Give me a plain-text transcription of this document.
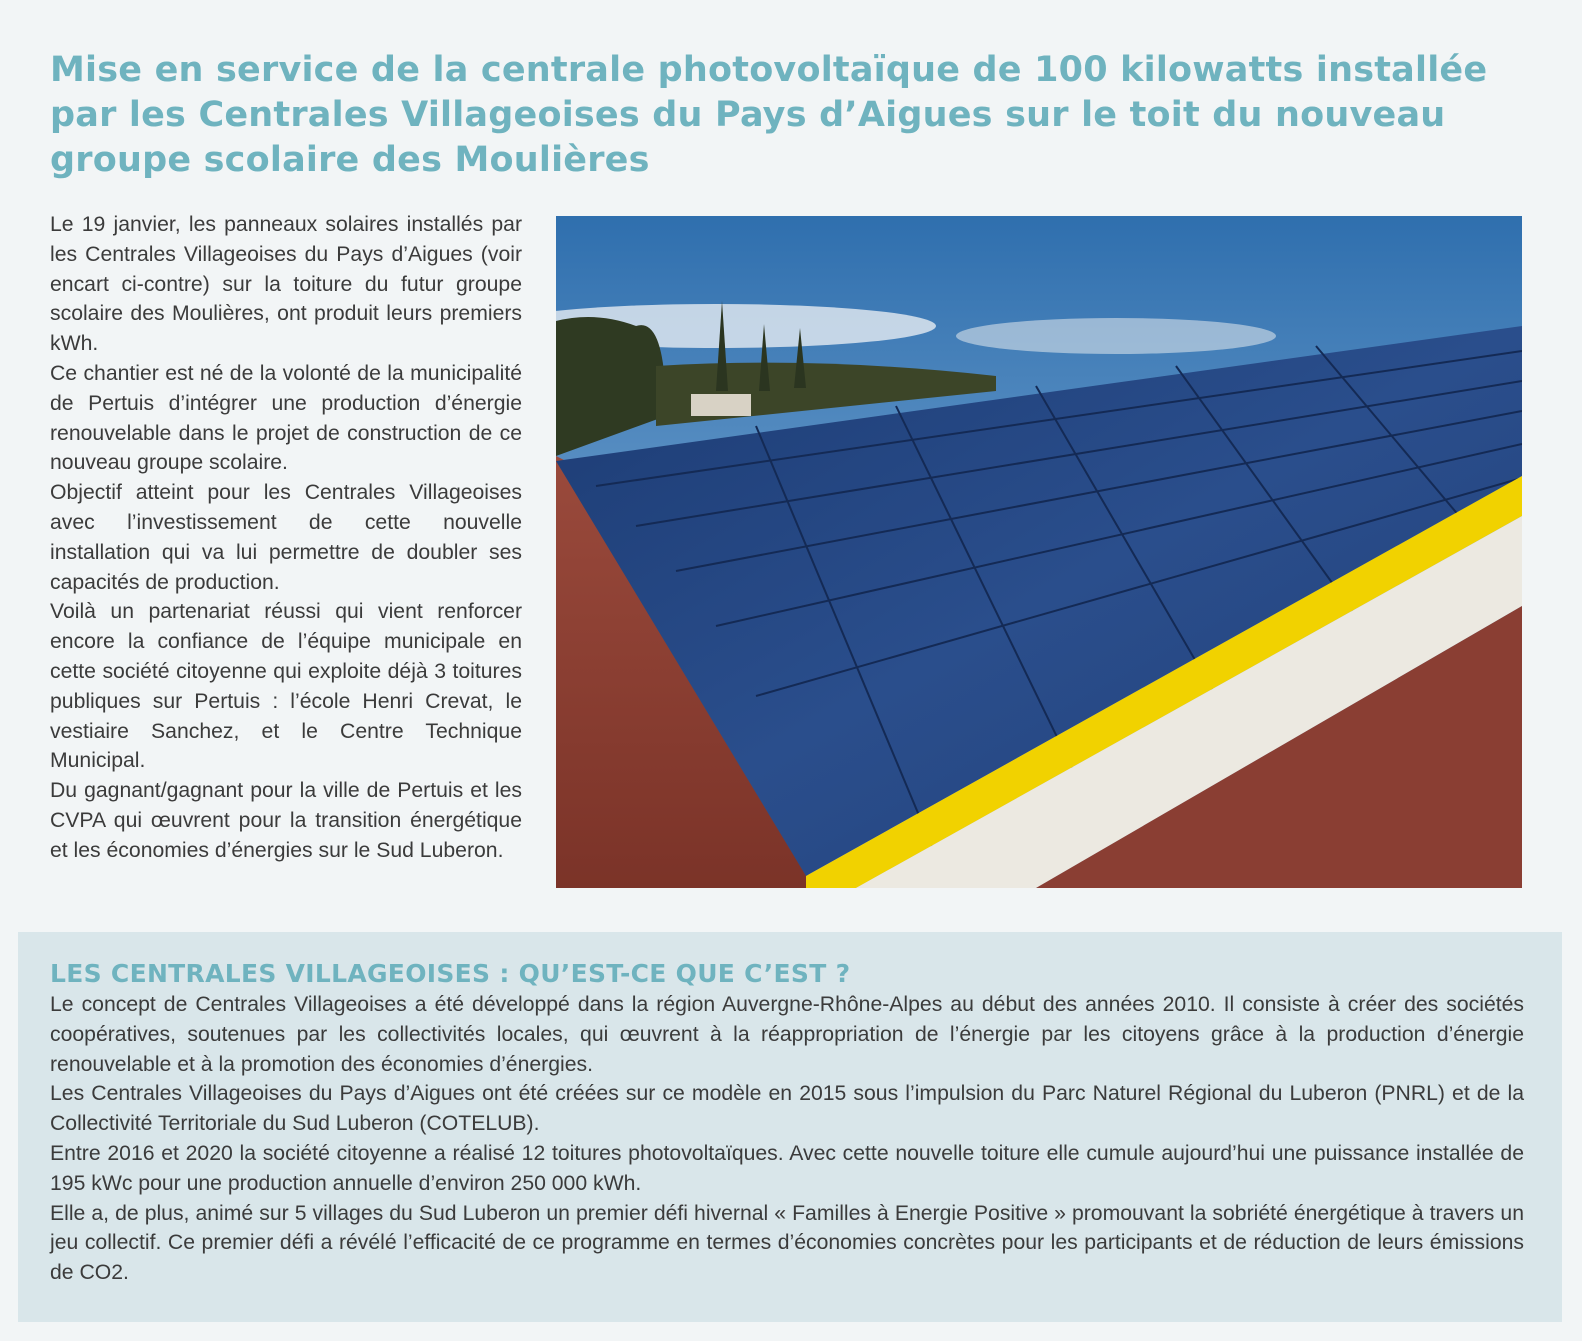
Mise en service de la centrale photovoltaïque de 100 kilowatts installée par les Centrales Villageoises du Pays d’Aigues sur le toit du nouveau groupe scolaire des Moulières

Le 19 janvier, les panneaux solaires installés par les Centrales Villageoises du Pays d’Aigues (voir encart ci-contre) sur la toiture du futur groupe scolaire des Moulières, ont produit leurs premiers kWh.

Ce chantier est né de la volonté de la municipalité de Pertuis d’intégrer une production d’énergie renouvelable dans le projet de construction de ce nouveau groupe scolaire.

Objectif atteint pour les Centrales Villageoises avec l’investissement de cette nouvelle installation qui va lui permettre de doubler ses capacités de production.

Voilà un partenariat réussi qui vient renforcer encore la confiance de l’équipe municipale en cette société citoyenne qui exploite déjà 3 toitures publiques sur Pertuis : l’école Henri Crevat, le vestiaire Sanchez, et le Centre Technique Municipal.

Du gagnant/gagnant pour la ville de Pertuis et les CVPA qui œuvrent pour la transition énergétique et les économies d’énergies sur le Sud Luberon.

LES CENTRALES VILLAGEOISES : QU’EST-CE QUE C’EST ?

Le concept de Centrales Villageoises a été développé dans la région Auvergne-Rhône-Alpes au début des années 2010. Il consiste à créer des sociétés coopératives, soutenues par les collectivités locales, qui œuvrent à la réappropriation de l’énergie par les citoyens grâce à la production d’énergie renouvelable et à la promotion des économies d’énergies.

Les Centrales Villageoises du Pays d’Aigues ont été créées sur ce modèle en 2015 sous l’impulsion du Parc Naturel Régional du Luberon (PNRL) et de la Collectivité Territoriale du Sud Luberon (COTELUB).

Entre 2016 et 2020 la société citoyenne a réalisé 12 toitures photovoltaïques. Avec cette nouvelle toiture elle cumule aujourd’hui une puissance installée de 195 kWc pour une production annuelle d’environ 250 000 kWh.

Elle a, de plus, animé sur 5 villages du Sud Luberon un premier défi hivernal « Familles à Energie Positive » promouvant la sobriété énergétique à travers un jeu collectif. Ce premier défi a révélé l’efficacité de ce programme en termes d’économies concrètes pour les participants et de réduction de leurs émissions de CO2.
